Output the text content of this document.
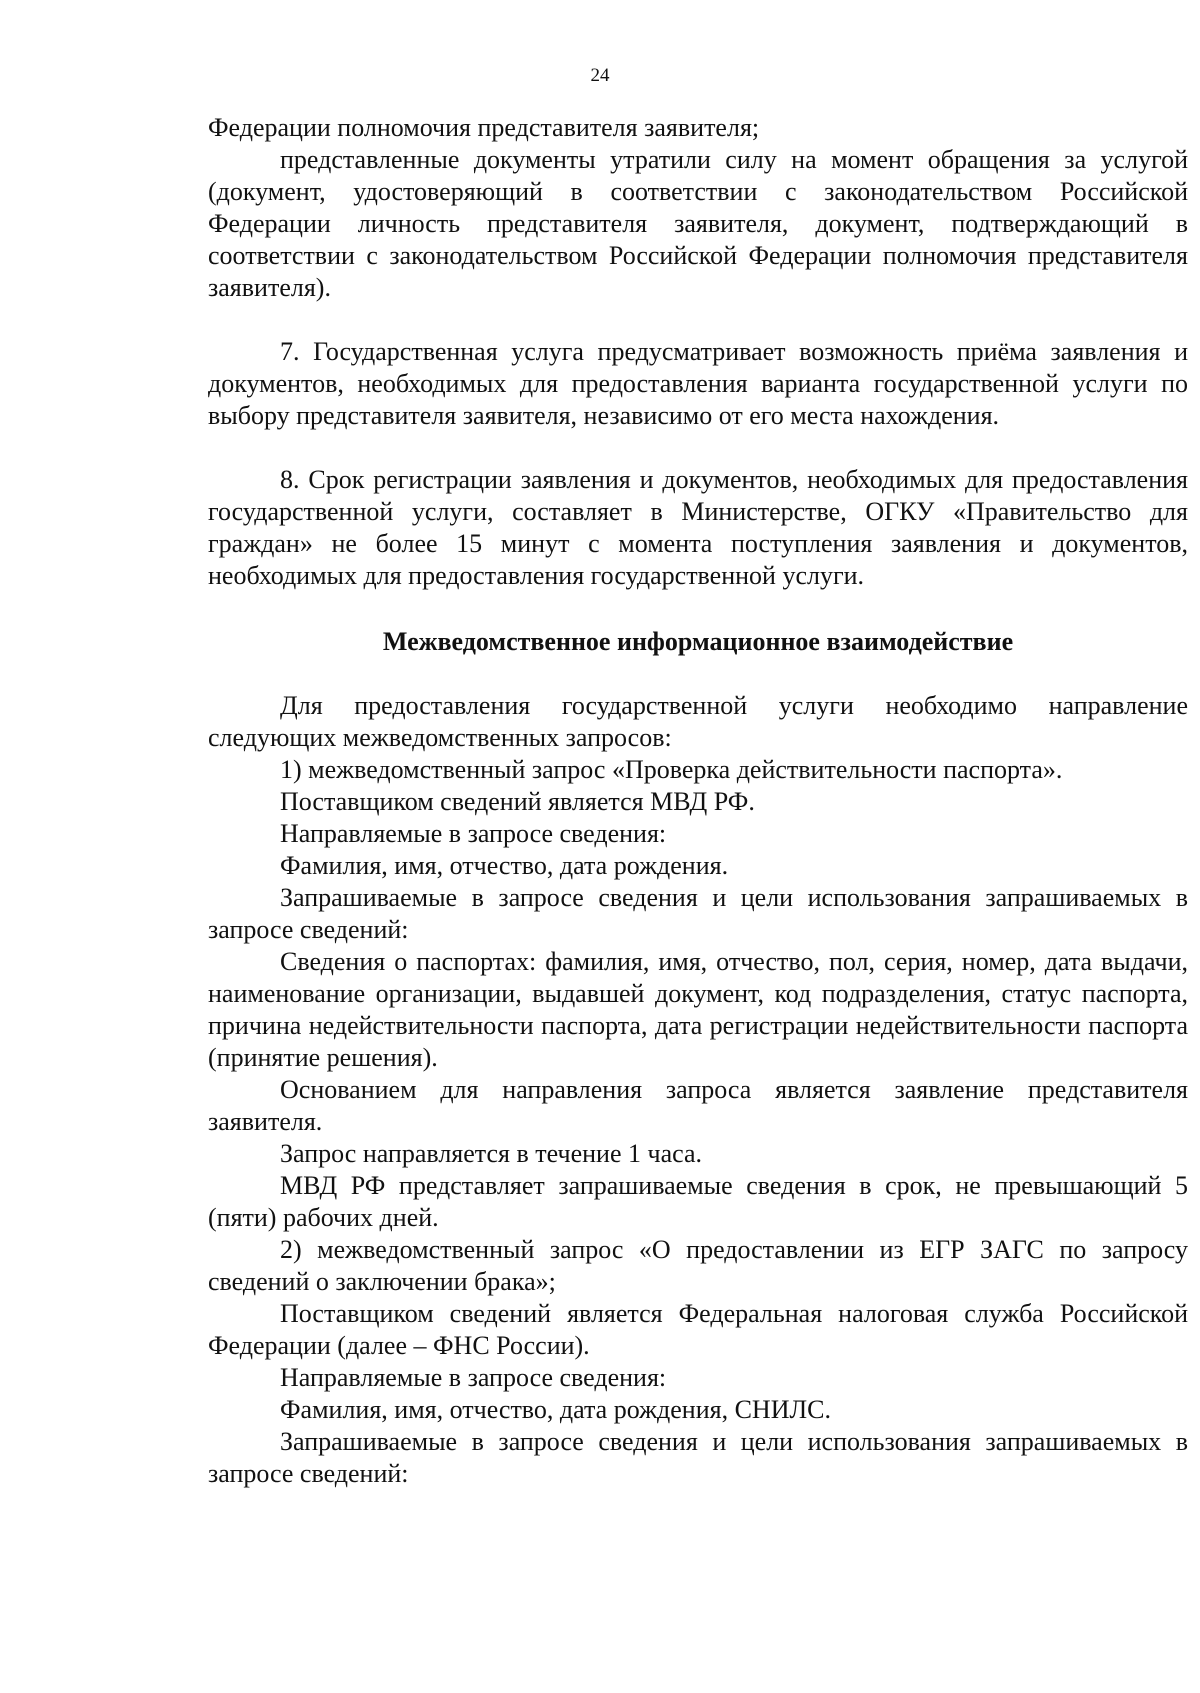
24

Федерации полномочия представителя заявителя;

представленные документы утратили силу на момент обращения за услугой (документ, удостоверяющий в соответствии с законодательством Российской Федерации личность представителя заявителя, документ, подтверждающий в соответствии с законодательством Российской Федерации полномочия представителя заявителя).

7. Государственная услуга предусматривает возможность приёма заявления и документов, необходимых для предоставления варианта государственной услуги по выбору представителя заявителя, независимо от его места нахождения.

8. Срок регистрации заявления и документов, необходимых для предоставления государственной услуги, составляет в Министерстве, ОГКУ «Правительство для граждан» не более 15 минут с момента поступления заявления и документов, необходимых для предоставления государственной услуги.

Межведомственное информационное взаимодействие

Для предоставления государственной услуги необходимо направление следующих межведомственных запросов:

1) межведомственный запрос «Проверка действительности паспорта».

Поставщиком сведений является МВД РФ.

Направляемые в запросе сведения:

Фамилия, имя, отчество, дата рождения.

Запрашиваемые в запросе сведения и цели использования запрашиваемых в запросе сведений:

Сведения о паспортах: фамилия, имя, отчество, пол, серия, номер, дата выдачи, наименование организации, выдавшей документ, код подразделения, статус паспорта, причина недействительности паспорта, дата регистрации недействительности паспорта (принятие решения).

Основанием для направления запроса является заявление представителя заявителя.

Запрос направляется в течение 1 часа.

МВД РФ представляет запрашиваемые сведения в срок, не превышающий 5 (пяти) рабочих дней.

2) межведомственный запрос «О предоставлении из ЕГР ЗАГС по запросу сведений о заключении брака»;

Поставщиком сведений является Федеральная налоговая служба Российской Федерации (далее – ФНС России).

Направляемые в запросе сведения:

Фамилия, имя, отчество, дата рождения, СНИЛС.

Запрашиваемые в запросе сведения и цели использования запрашиваемых в запросе сведений:
